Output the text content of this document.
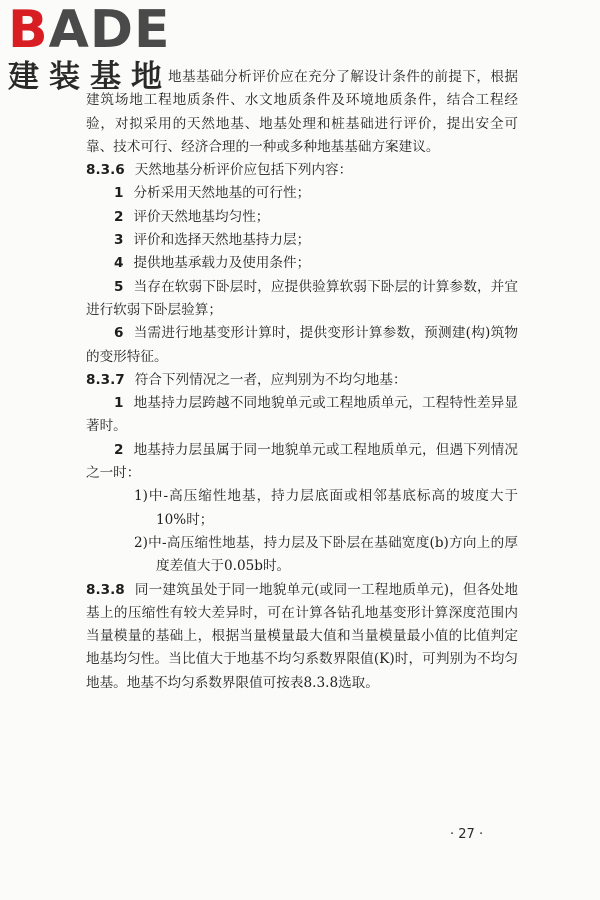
BADE
建装基地

地基基础分析评价应在充分了解设计条件的前提下，根据建筑场地工程地质条件、水文地质条件及环境地质条件，结合工程经验，对拟采用的天然地基、地基处理和桩基础进行评价，提出安全可靠、技术可行、经济合理的一种或多种地基基础方案建议。

8.3.6 天然地基分析评价应包括下列内容：

1 分析采用天然地基的可行性；

2 评价天然地基均匀性；

3 评价和选择天然地基持力层；

4 提供地基承载力及使用条件；

5 当存在软弱下卧层时，应提供验算软弱下卧层的计算参数，并宜进行软弱下卧层验算；

6 当需进行地基变形计算时，提供变形计算参数，预测建(构)筑物的变形特征。

8.3.7 符合下列情况之一者，应判别为不均匀地基：

1 地基持力层跨越不同地貌单元或工程地质单元，工程特性差异显著时。

2 地基持力层虽属于同一地貌单元或工程地质单元，但遇下列情况之一时：

1)中-高压缩性地基，持力层底面或相邻基底标高的坡度大于10%时；

2)中-高压缩性地基，持力层及下卧层在基础宽度(b)方向上的厚度差值大于0.05b时。

8.3.8 同一建筑虽处于同一地貌单元(或同一工程地质单元)，但各处地基上的压缩性有较大差异时，可在计算各钻孔地基变形计算深度范围内当量模量的基础上，根据当量模量最大值和当量模量最小值的比值判定地基均匀性。当比值大于地基不均匀系数界限值(K)时，可判别为不均匀地基。地基不均匀系数界限值可按表8.3.8选取。

· 27 ·
